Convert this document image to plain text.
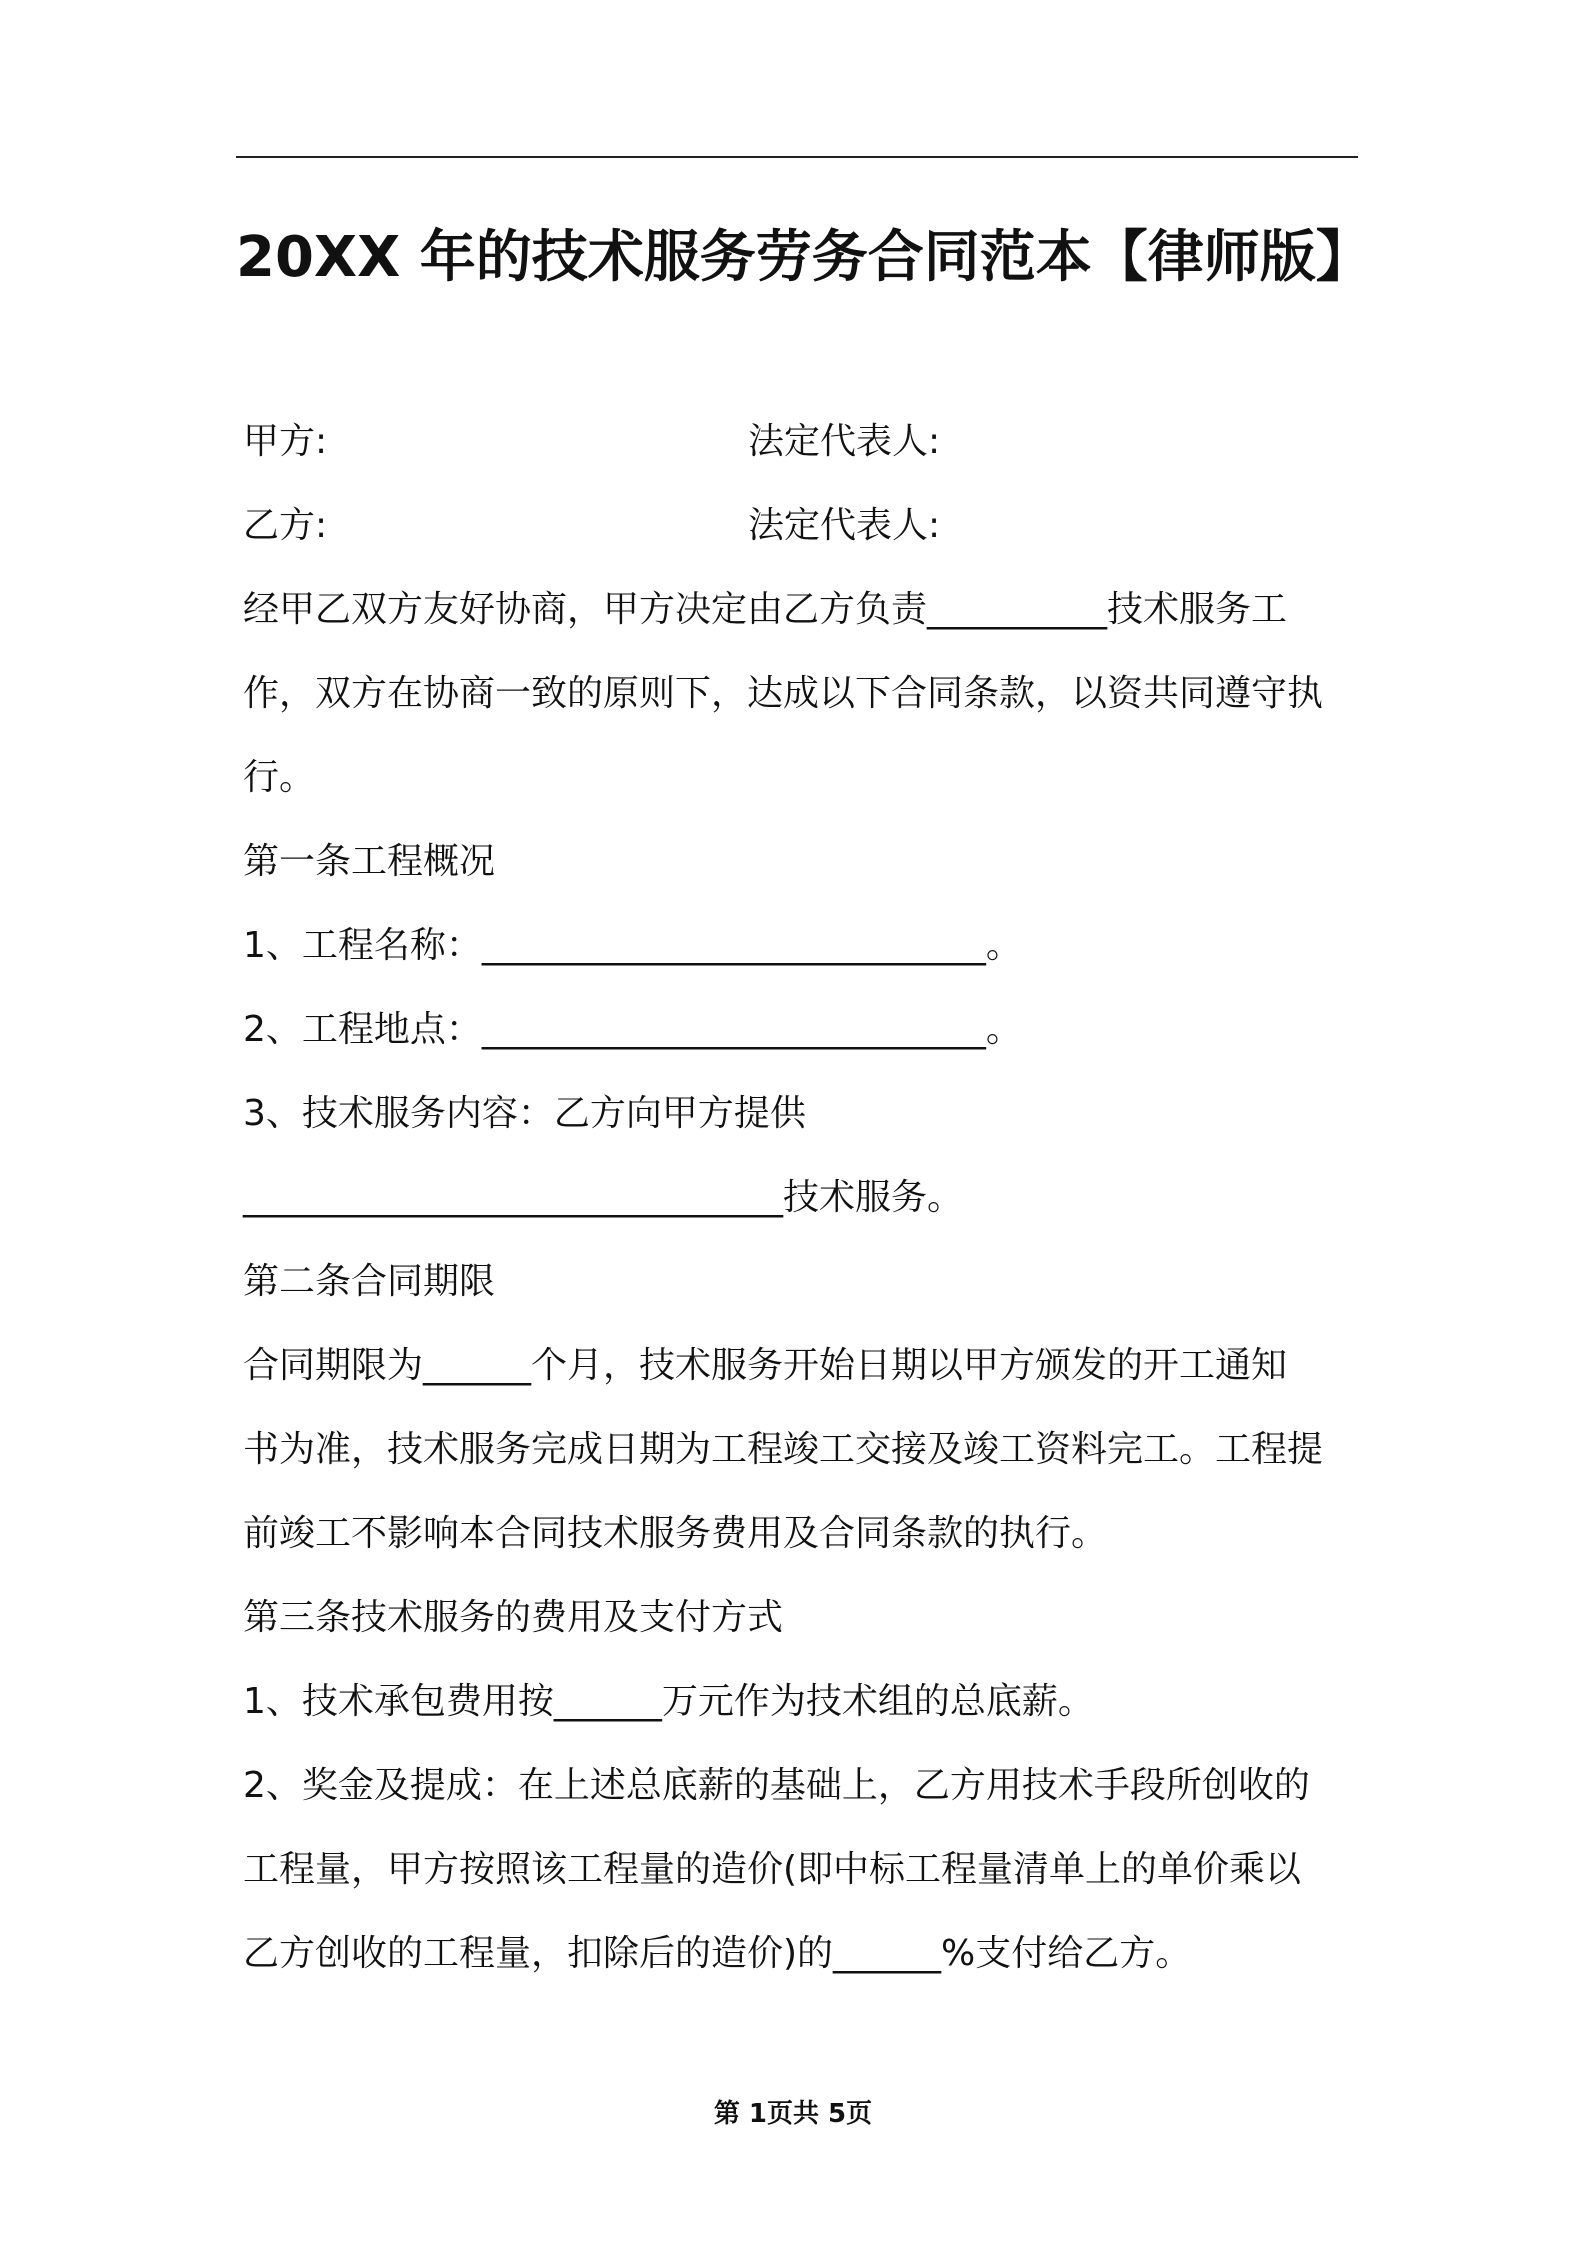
20XX 年的技术服务劳务合同范本【律师版】
甲方:	法定代表人:
乙方:	法定代表人:
经甲乙双方友好协商，甲方决定由乙方负责__________技术服务工
作，双方在协商一致的原则下，达成以下合同条款，以资共同遵守执
行。
第一条工程概况
1、工程名称：____________________________。
2、工程地点：____________________________。
3、技术服务内容：乙方向甲方提供
______________________________技术服务。
第二条合同期限
合同期限为______个月，技术服务开始日期以甲方颁发的开工通知
书为准，技术服务完成日期为工程竣工交接及竣工资料完工。工程提
前竣工不影响本合同技术服务费用及合同条款的执行。
第三条技术服务的费用及支付方式
1、技术承包费用按______万元作为技术组的总底薪。
2、奖金及提成：在上述总底薪的基础上，乙方用技术手段所创收的
工程量，甲方按照该工程量的造价(即中标工程量清单上的单价乘以
乙方创收的工程量，扣除后的造价)的______%支付给乙方。
第 1页共 5页
